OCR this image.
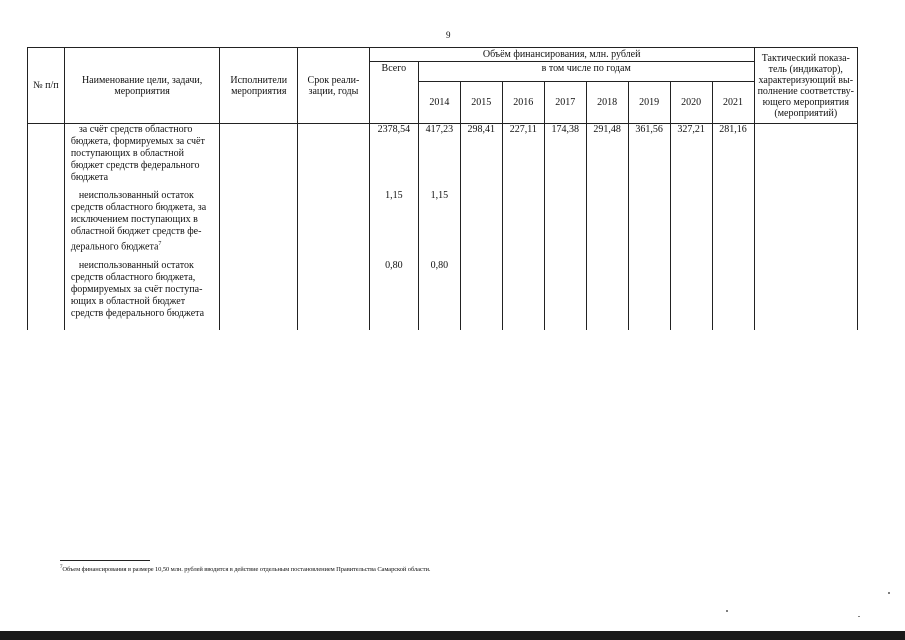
9
№ п/п	Наименование цели, задачи, мероприятия	Исполнители мероприятия	Срок реали-зации, годы	Объём финансирования, млн. рублей									Тактический показа-тель (индикатор), характеризующий вы-полнение соответству-ющего мероприятия (мероприятий)
				Всего	в том числе по годам								
					2014	2015	2016	2017	2018	2019	2020	2021	
	за счёт средств областного бюджета, формируемых за счёт поступающих в областной бюджет средств федерального бюджета			2378,54	417,23	298,41	227,11	174,38	291,48	361,56	327,21	281,16	
	неиспользованный остаток средств областного бюджета, за исключением поступающих в областной бюджет средств фе-дерального бюджета$^7$			1,15	1,15								
	неиспользованный остаток средств областного бюджета, формируемых за счёт поступа-ющих в областной бюджет средств федерального бюджета			0,80	0,80								
$^7$Объем финансирования в размере 10,50 млн. рублей вводится в действие отдельным постановлением Правительства Самарской области.
